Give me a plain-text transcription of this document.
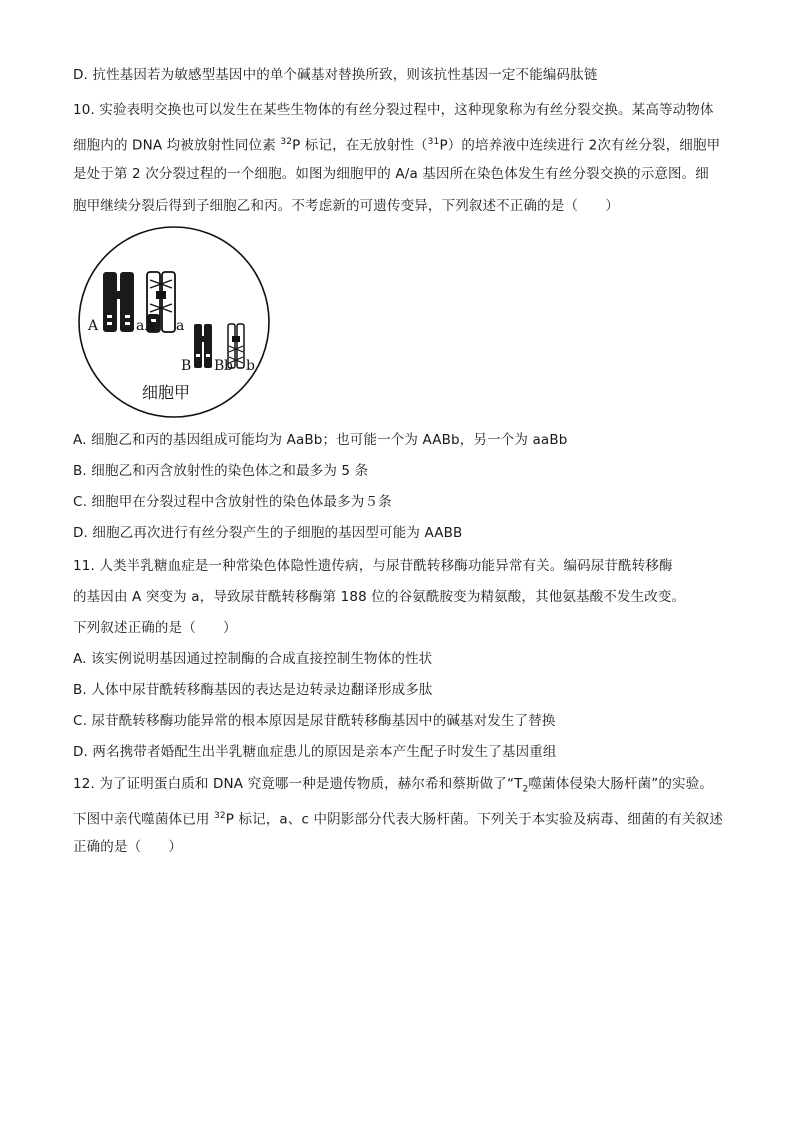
D. 抗性基因若为敏感型基因中的单个碱基对替换所致，则该抗性基因一定不能编码肽链
10. 实验表明交换也可以发生在某些生物体的有丝分裂过程中，这种现象称为有丝分裂交换。某高等动物体
细胞内的 DNA 均被放射性同位素 $^{32}$P 标记，在无放射性（$^{31}$P）的培养液中连续进行 2次有丝分裂，细胞甲
是处于第 2 次分裂过程的一个细胞。如图为细胞甲的 A/a 基因所在染色体发生有丝分裂交换的示意图。细
胞甲继续分裂后得到子细胞乙和丙。不考虑新的可遗传变异，下列叙述不正确的是（　　）
A	a A a
B B b b
细胞甲
A. 细胞乙和丙的基因组成可能均为 AaBb；也可能一个为 AABb，另一个为 aaBb
B. 细胞乙和丙含放射性的染色体之和最多为 5 条
C. 细胞甲在分裂过程中含放射性的染色体最多为５条
D. 细胞乙再次进行有丝分裂产生的子细胞的基因型可能为 AABB
11. 人类半乳糖血症是一种常染色体隐性遗传病，与尿苷酰转移酶功能异常有关。编码尿苷酰转移酶
的基因由 A 突变为 a，导致尿苷酰转移酶第 188 位的谷氨酰胺变为精氨酸，其他氨基酸不发生改变。
下列叙述正确的是（　　）
A. 该实例说明基因通过控制酶的合成直接控制生物体的性状
B. 人体中尿苷酰转移酶基因的表达是边转录边翻译形成多肽
C. 尿苷酰转移酶功能异常的根本原因是尿苷酰转移酶基因中的碱基对发生了替换
D. 两名携带者婚配生出半乳糖血症患儿的原因是亲本产生配子时发生了基因重组
12. 为了证明蛋白质和 DNA 究竟哪一种是遗传物质，赫尔希和蔡斯做了“$T_2$噬菌体侵染大肠杆菌”的实验。
下图中亲代噬菌体已用 $^{32}$P 标记，a、c 中阴影部分代表大肠杆菌。下列关于本实验及病毒、细菌的有关叙述
正确的是（　　）
